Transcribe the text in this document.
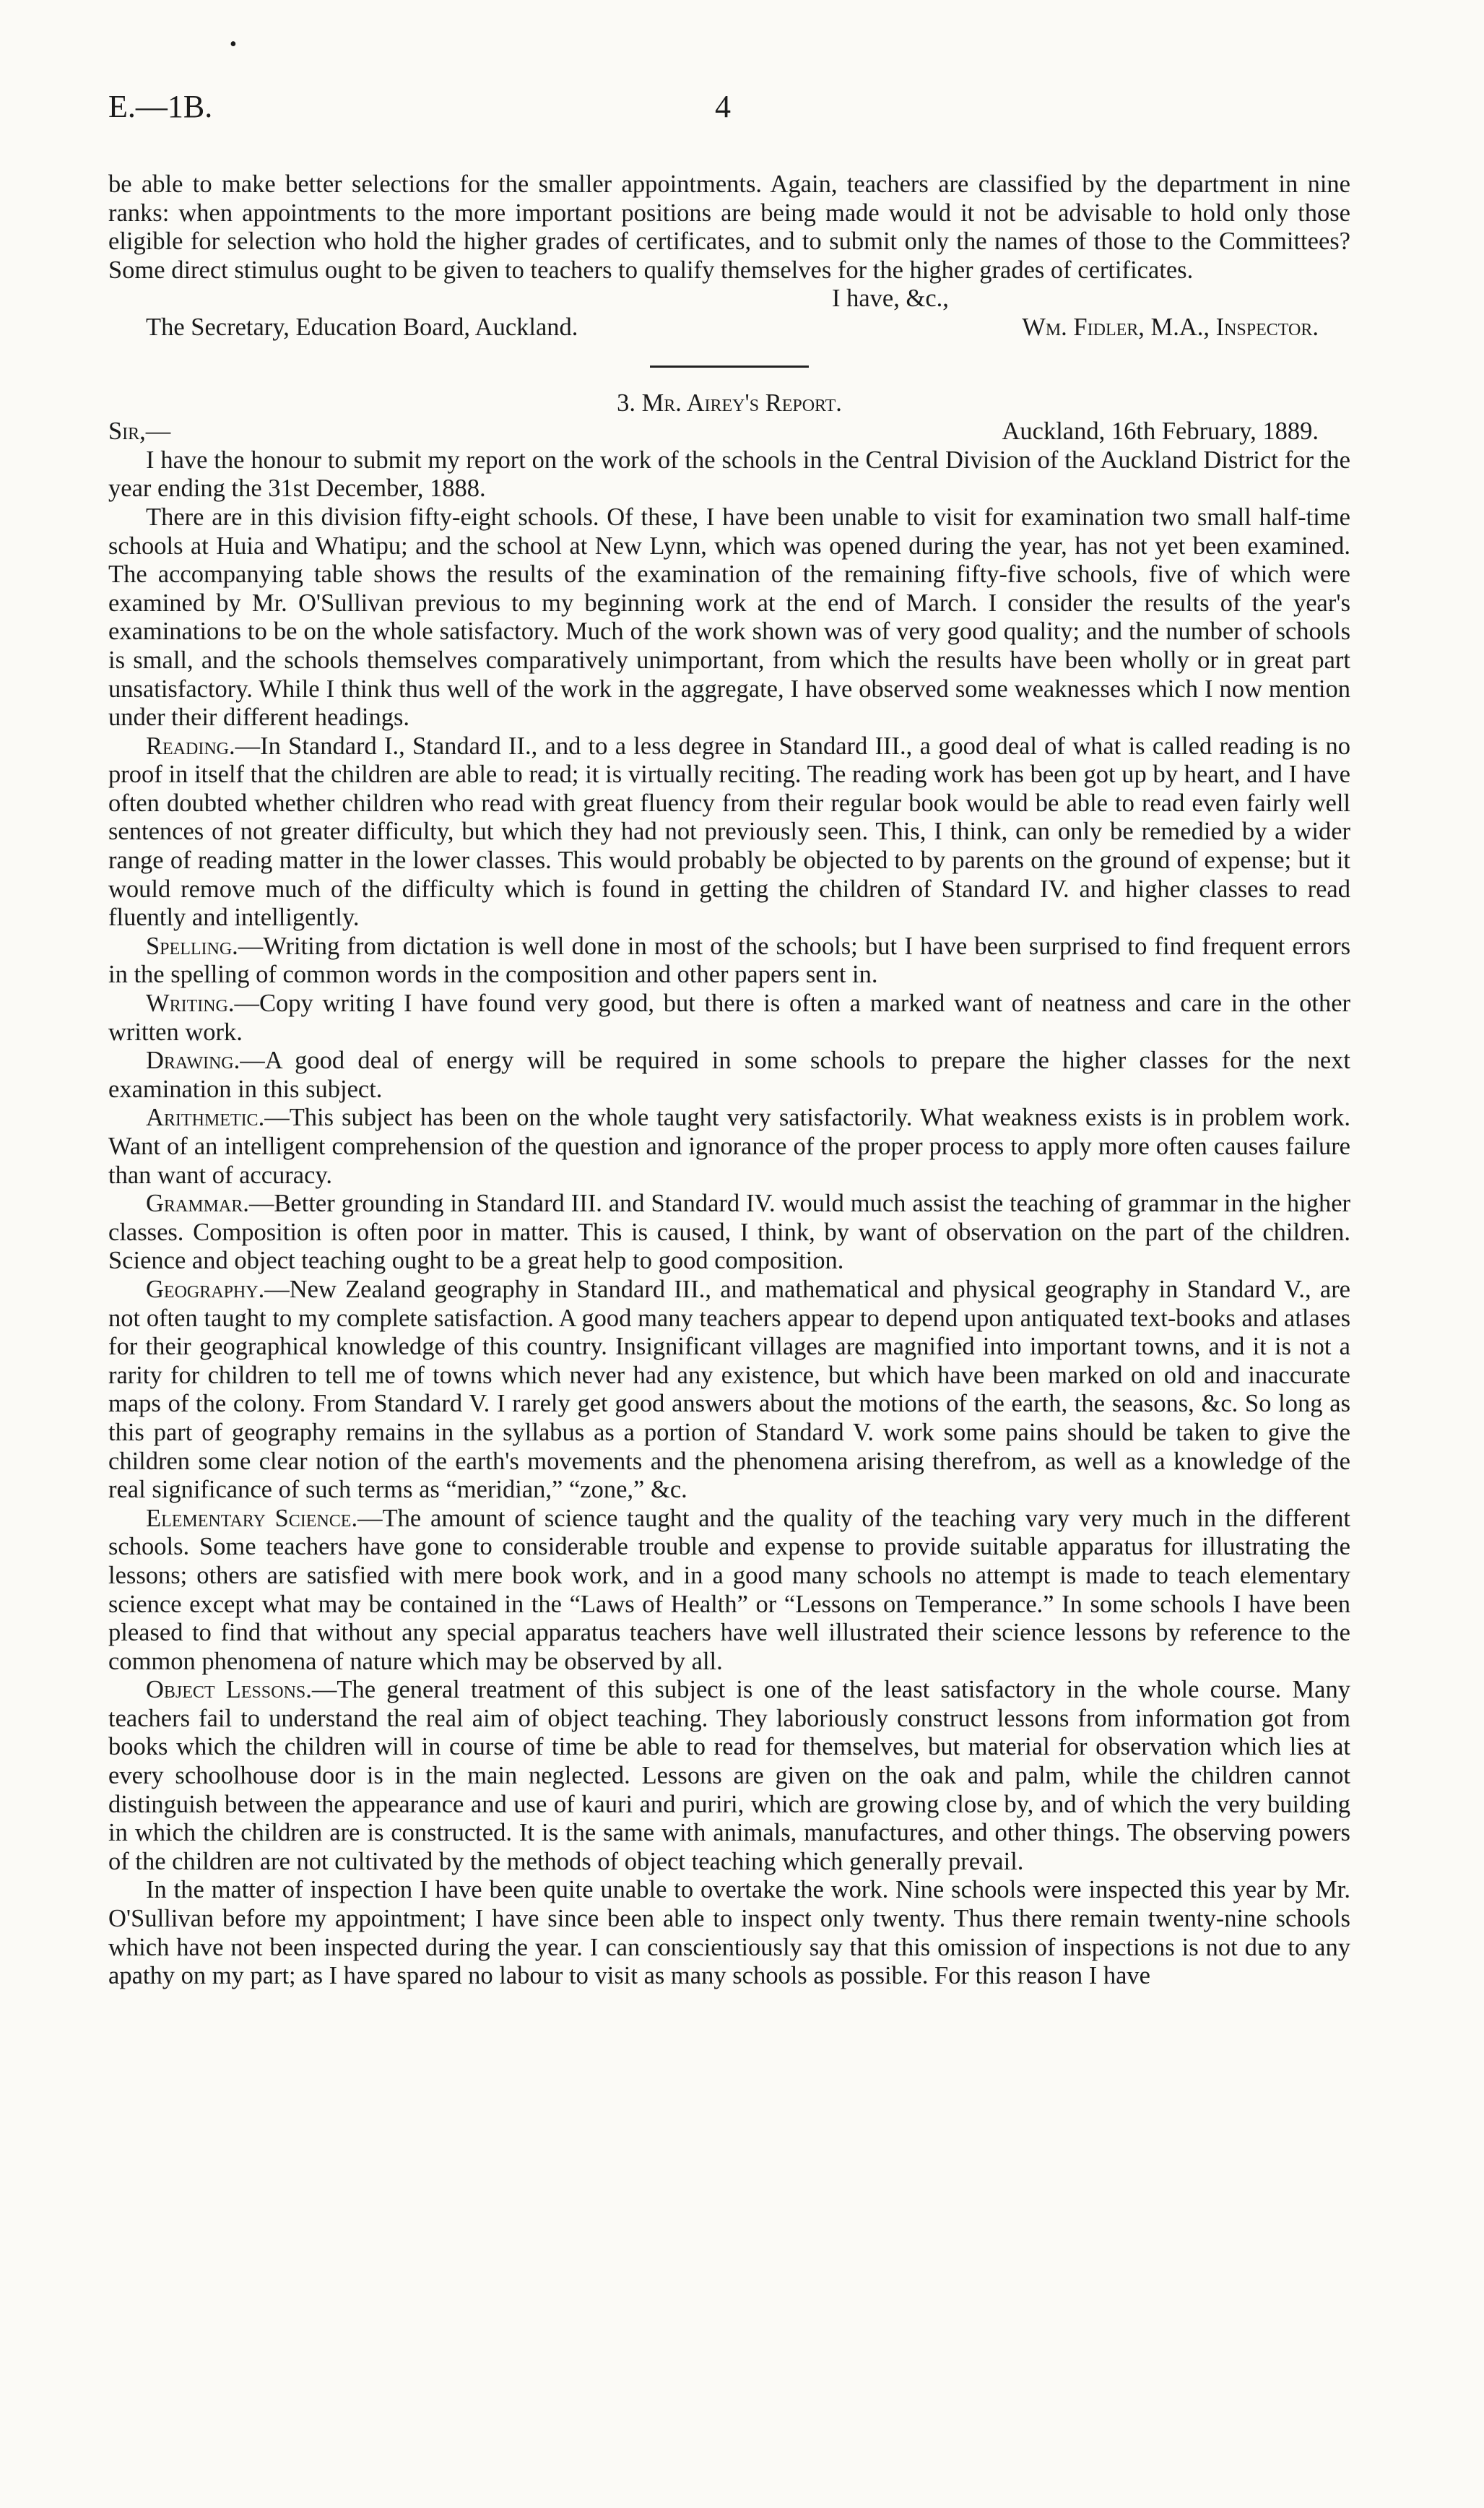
•
E.—1B.	4

be able to make better selections for the smaller appointments. Again, teachers are classified by the department in nine ranks: when appointments to the more important positions are being made would it not be advisable to hold only those eligible for selection who hold the higher grades of certificates, and to submit only the names of those to the Committees? Some direct stimulus ought to be given to teachers to qualify themselves for the higher grades of certificates.

I have, &c.,

The Secretary, Education Board, Auckland.	Wm. Fidler, M.A., Inspector.

3. Mr. Airey's Report.

Sir,—	Auckland, 16th February, 1889.

I have the honour to submit my report on the work of the schools in the Central Division of the Auckland District for the year ending the 31st December, 1888.

There are in this division fifty-eight schools. Of these, I have been unable to visit for examination two small half-time schools at Huia and Whatipu; and the school at New Lynn, which was opened during the year, has not yet been examined. The accompanying table shows the results of the examination of the remaining fifty-five schools, five of which were examined by Mr. O'Sullivan previous to my beginning work at the end of March. I consider the results of the year's examinations to be on the whole satisfactory. Much of the work shown was of very good quality; and the number of schools is small, and the schools themselves comparatively unimportant, from which the results have been wholly or in great part unsatisfactory. While I think thus well of the work in the aggregate, I have observed some weaknesses which I now mention under their different headings.

Reading.—In Standard I., Standard II., and to a less degree in Standard III., a good deal of what is called reading is no proof in itself that the children are able to read; it is virtually reciting. The reading work has been got up by heart, and I have often doubted whether children who read with great fluency from their regular book would be able to read even fairly well sentences of not greater difficulty, but which they had not previously seen. This, I think, can only be remedied by a wider range of reading matter in the lower classes. This would probably be objected to by parents on the ground of expense; but it would remove much of the difficulty which is found in getting the children of Standard IV. and higher classes to read fluently and intelligently.

Spelling.—Writing from dictation is well done in most of the schools; but I have been surprised to find frequent errors in the spelling of common words in the composition and other papers sent in.

Writing.—Copy writing I have found very good, but there is often a marked want of neatness and care in the other written work.

Drawing.—A good deal of energy will be required in some schools to prepare the higher classes for the next examination in this subject.

Arithmetic.—This subject has been on the whole taught very satisfactorily. What weakness exists is in problem work. Want of an intelligent comprehension of the question and ignorance of the proper process to apply more often causes failure than want of accuracy.

Grammar.—Better grounding in Standard III. and Standard IV. would much assist the teaching of grammar in the higher classes. Composition is often poor in matter. This is caused, I think, by want of observation on the part of the children. Science and object teaching ought to be a great help to good composition.

Geography.—New Zealand geography in Standard III., and mathematical and physical geography in Standard V., are not often taught to my complete satisfaction. A good many teachers appear to depend upon antiquated text-books and atlases for their geographical knowledge of this country. Insignificant villages are magnified into important towns, and it is not a rarity for children to tell me of towns which never had any existence, but which have been marked on old and inaccurate maps of the colony. From Standard V. I rarely get good answers about the motions of the earth, the seasons, &c. So long as this part of geography remains in the syllabus as a portion of Standard V. work some pains should be taken to give the children some clear notion of the earth's movements and the phenomena arising therefrom, as well as a knowledge of the real significance of such terms as “meridian,” “zone,” &c.

Elementary Science.—The amount of science taught and the quality of the teaching vary very much in the different schools. Some teachers have gone to considerable trouble and expense to provide suitable apparatus for illustrating the lessons; others are satisfied with mere book work, and in a good many schools no attempt is made to teach elementary science except what may be contained in the “Laws of Health” or “Lessons on Temperance.” In some schools I have been pleased to find that without any special apparatus teachers have well illustrated their science lessons by reference to the common phenomena of nature which may be observed by all.

Object Lessons.—The general treatment of this subject is one of the least satisfactory in the whole course. Many teachers fail to understand the real aim of object teaching. They laboriously construct lessons from information got from books which the children will in course of time be able to read for themselves, but material for observation which lies at every schoolhouse door is in the main neglected. Lessons are given on the oak and palm, while the children cannot distinguish between the appearance and use of kauri and puriri, which are growing close by, and of which the very building in which the children are is constructed. It is the same with animals, manufactures, and other things. The observing powers of the children are not cultivated by the methods of object teaching which generally prevail.

In the matter of inspection I have been quite unable to overtake the work. Nine schools were inspected this year by Mr. O'Sullivan before my appointment; I have since been able to inspect only twenty. Thus there remain twenty-nine schools which have not been inspected during the year. I can conscientiously say that this omission of inspections is not due to any apathy on my part; as I have spared no labour to visit as many schools as possible. For this reason I have
